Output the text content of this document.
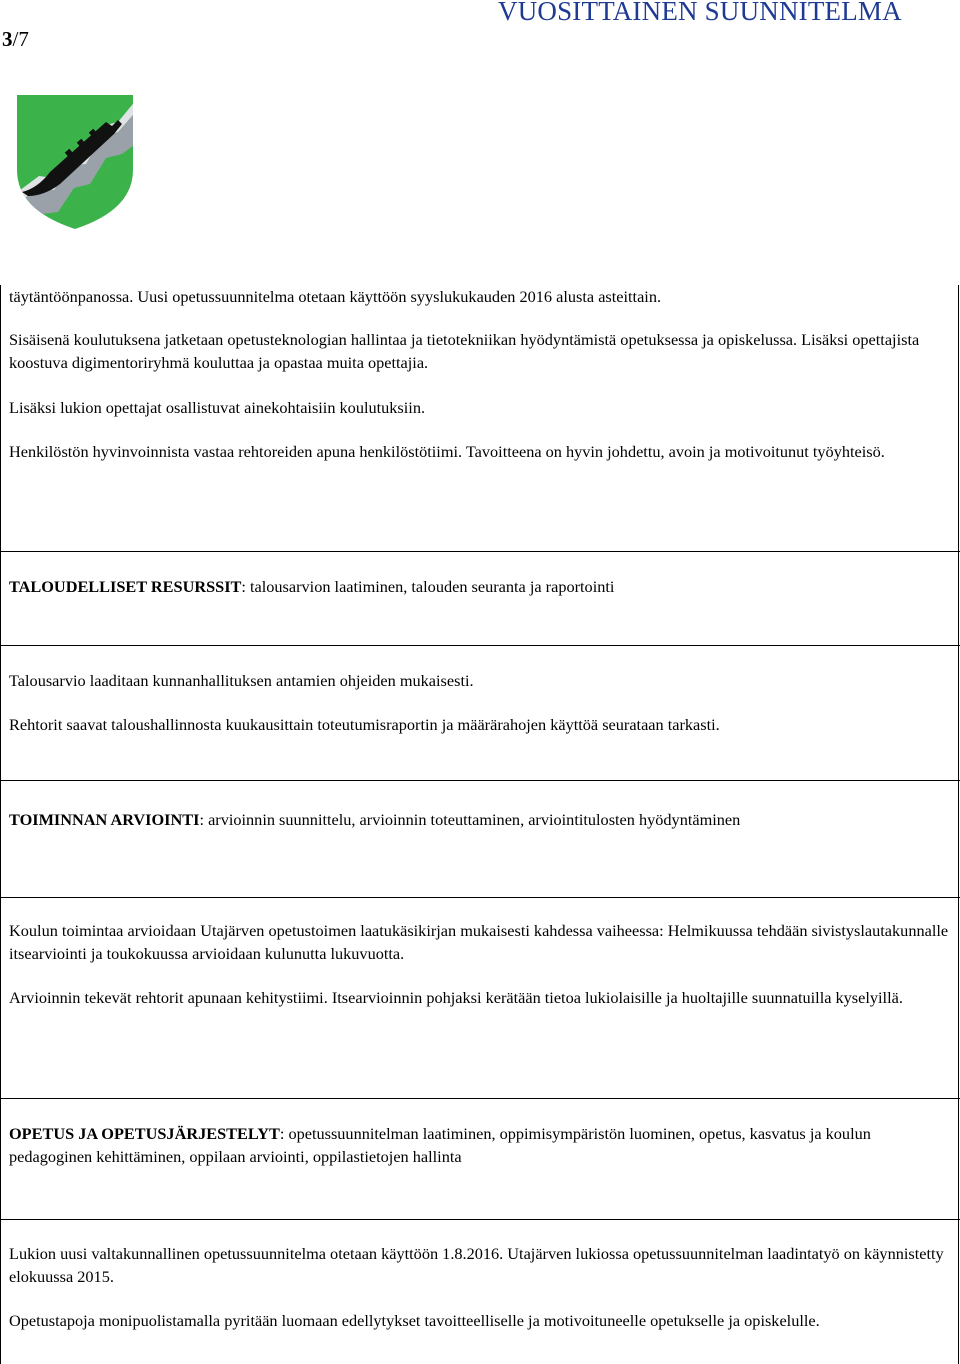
3/7
VUOSITTAINEN SUUNNITELMA

täytäntöönpanossa. Uusi opetussuunnitelma otetaan käyttöön syyslukukauden 2016 alusta asteittain.

Sisäisenä koulutuksena jatketaan opetusteknologian hallintaa ja tietotekniikan hyödyntämistä opetuksessa ja opiskelussa. Lisäksi opettajista koostuva digimentoriryhmä kouluttaa ja opastaa muita opettajia.

Lisäksi lukion opettajat osallistuvat ainekohtaisiin koulutuksiin.

Henkilöstön hyvinvoinnista vastaa rehtoreiden apuna henkilöstötiimi. Tavoitteena on hyvin johdettu, avoin ja motivoitunut työyhteisö.

TALOUDELLISET RESURSSIT: talousarvion laatiminen, talouden seuranta ja raportointi

Talousarvio laaditaan kunnanhallituksen antamien ohjeiden mukaisesti.

Rehtorit saavat taloushallinnosta kuukausittain toteutumisraportin ja määrärahojen käyttöä seurataan tarkasti.

TOIMINNAN ARVIOINTI: arvioinnin suunnittelu, arvioinnin toteuttaminen, arviointitulosten hyödyntäminen

Koulun toimintaa arvioidaan Utajärven opetustoimen laatukäsikirjan mukaisesti kahdessa vaiheessa: Helmikuussa tehdään sivistyslautakunnalle itsearviointi ja toukokuussa arvioidaan kulunutta lukuvuotta.

Arvioinnin tekevät rehtorit apunaan kehitystiimi. Itsearvioinnin pohjaksi kerätään tietoa lukiolaisille ja huoltajille suunnatuilla kyselyillä.

OPETUS JA OPETUSJÄRJESTELYT: opetussuunnitelman laatiminen, oppimisympäristön luominen, opetus, kasvatus ja koulun pedagoginen kehittäminen, oppilaan arviointi, oppilastietojen hallinta

Lukion uusi valtakunnallinen opetussuunnitelma otetaan käyttöön 1.8.2016. Utajärven lukiossa opetussuunnitelman laadintatyö on käynnistetty elokuussa 2015.

Opetustapoja monipuolistamalla pyritään luomaan edellytykset tavoitteelliselle ja motivoituneelle opetukselle ja opiskelulle.
